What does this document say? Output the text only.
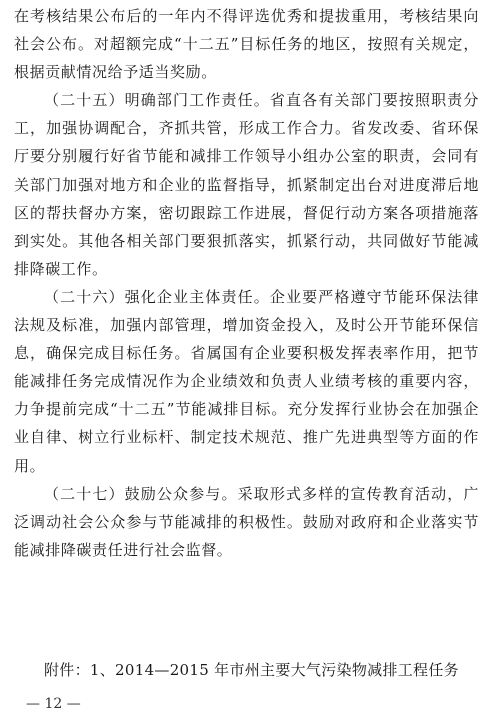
在考核结果公布后的一年内不得评选优秀和提拔重用，考核结果向社会公布。对超额完成“十二五”目标任务的地区，按照有关规定，根据贡献情况给予适当奖励。

（二十五）明确部门工作责任。省直各有关部门要按照职责分工，加强协调配合，齐抓共管，形成工作合力。省发改委、省环保厅要分别履行好省节能和减排工作领导小组办公室的职责，会同有关部门加强对地方和企业的监督指导，抓紧制定出台对进度滞后地区的帮扶督办方案，密切跟踪工作进展，督促行动方案各项措施落到实处。其他各相关部门要狠抓落实，抓紧行动，共同做好节能减排降碳工作。

（二十六）强化企业主体责任。企业要严格遵守节能环保法律法规及标准，加强内部管理，增加资金投入，及时公开节能环保信息，确保完成目标任务。省属国有企业要积极发挥表率作用，把节能减排任务完成情况作为企业绩效和负责人业绩考核的重要内容，力争提前完成“十二五”节能减排目标。充分发挥行业协会在加强企业自律、树立行业标杆、制定技术规范、推广先进典型等方面的作用。

（二十七）鼓励公众参与。采取形式多样的宣传教育活动，广泛调动社会公众参与节能减排的积极性。鼓励对政府和企业落实节能减排降碳责任进行社会监督。

附件：1、2014—2015 年市州主要大气污染物减排工程任务
— 12 —
